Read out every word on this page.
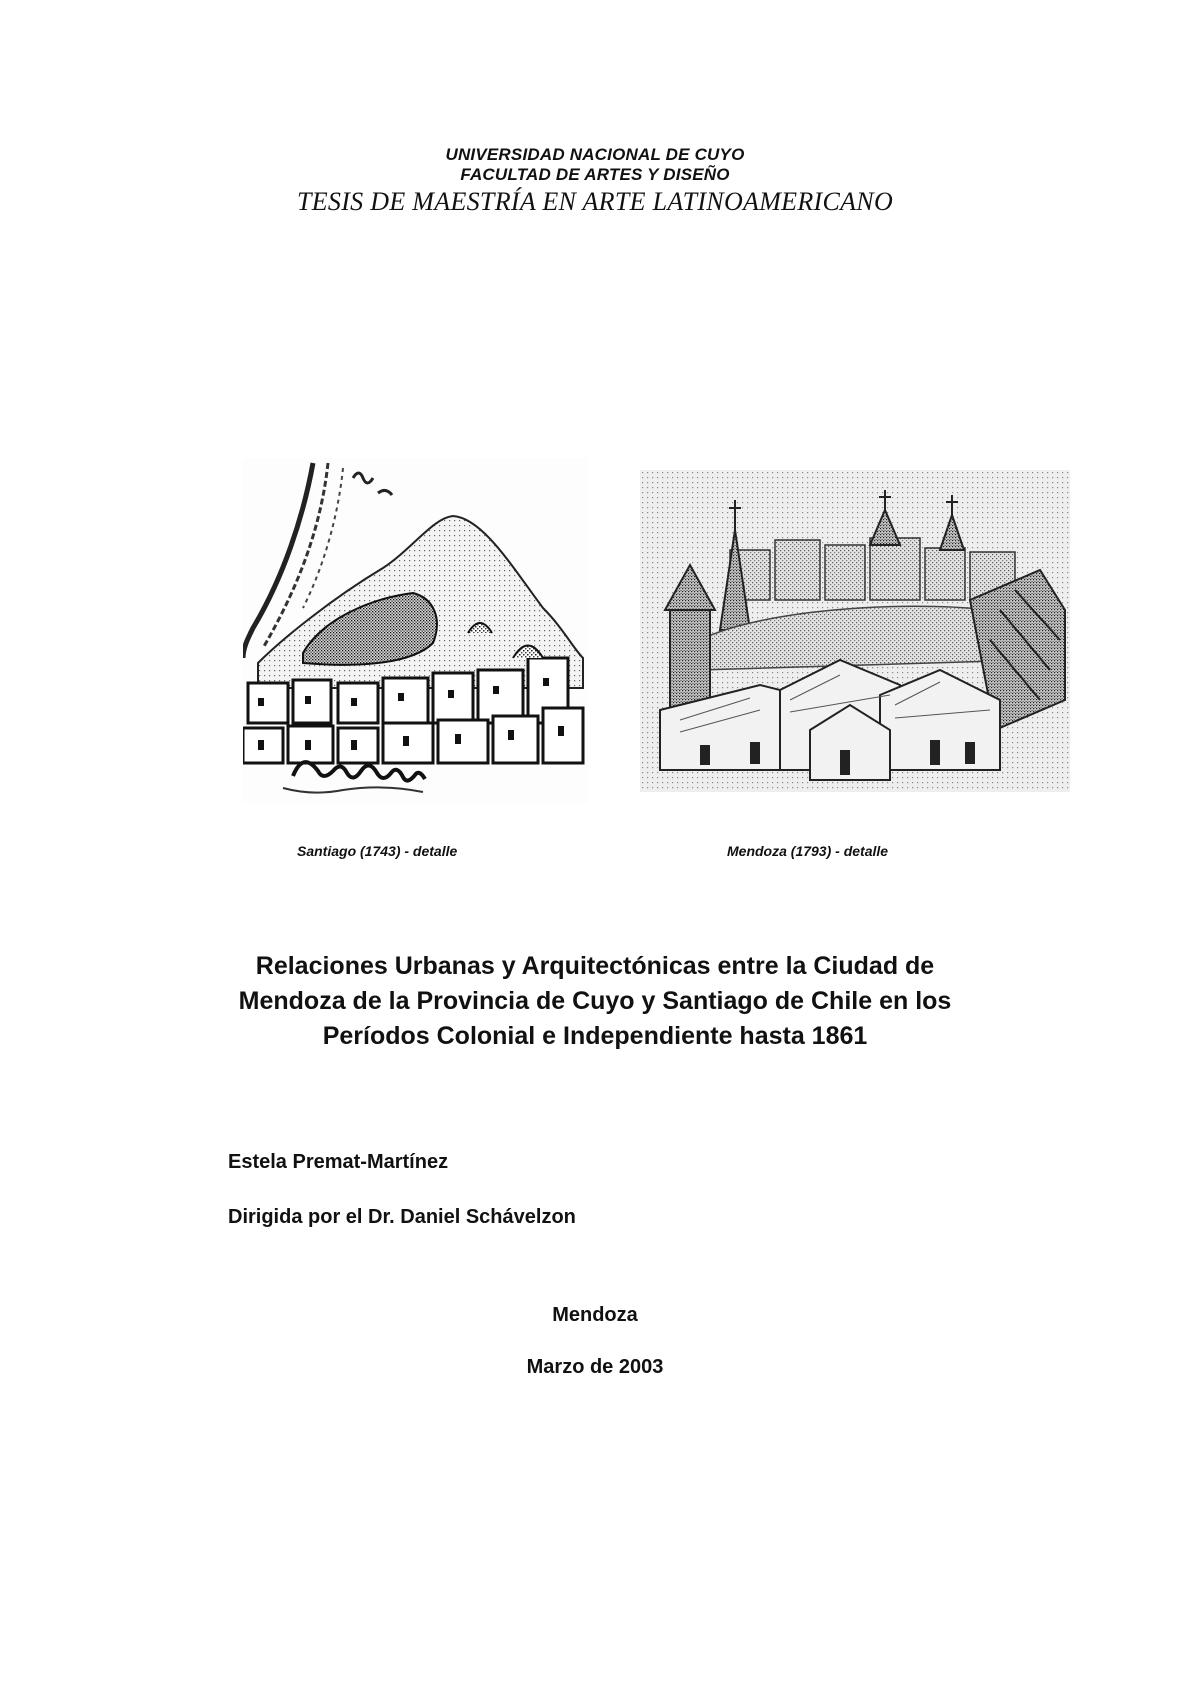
UNIVERSIDAD NACIONAL DE CUYO
FACULTAD DE ARTES Y DISEÑO
TESIS DE MAESTRÍA EN ARTE LATINOAMERICANO
Santiago (1743) - detalle	Mendoza (1793) - detalle
Relaciones Urbanas y Arquitectónicas entre la Ciudad de
Mendoza de la Provincia de Cuyo y Santiago de Chile en los
Períodos Colonial e Independiente hasta 1861
Estela Premat-Martínez
Dirigida por el Dr. Daniel Schávelzon
Mendoza
Marzo de 2003
